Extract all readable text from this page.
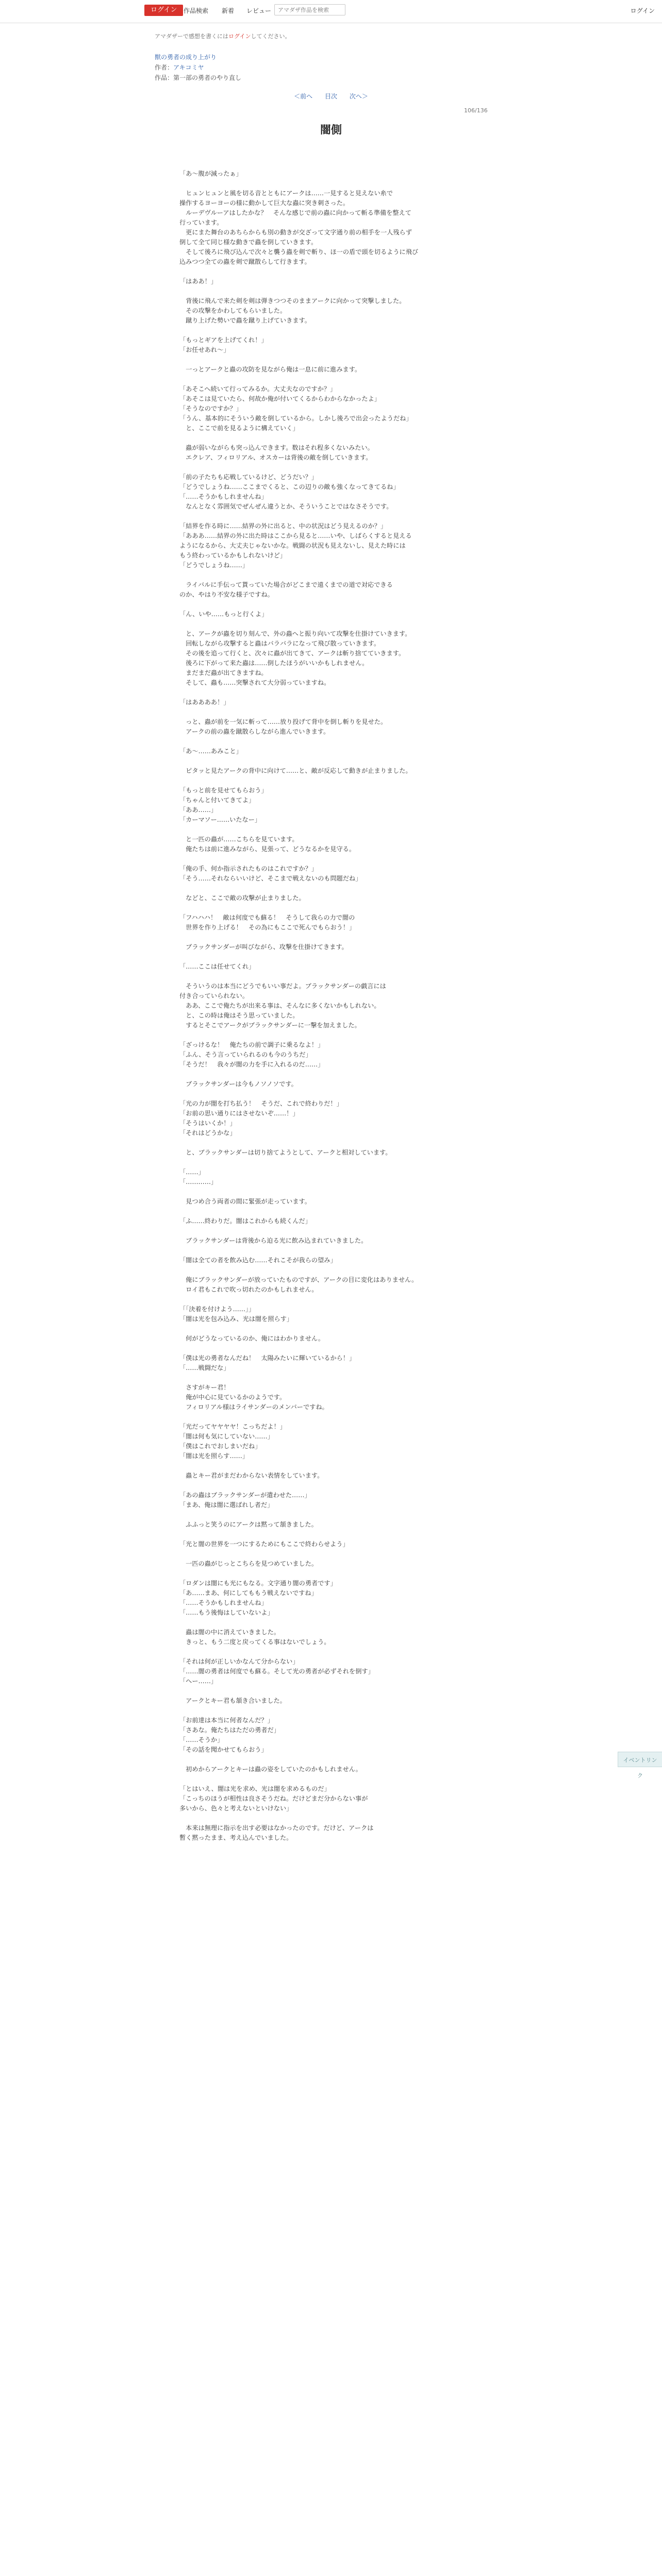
ログイン	作品検索 新着 レビュー
アマダザ作品を検索	ログイン
アマダザーで感想を書くにはログインしてください。
獣の勇者の成り上がり
作者：アキコミヤ
作品：第一部の勇者のやり直し
＜前へ 目次 次へ＞
106/136
闇側

「あ〜腹が減ったぁ」

　ヒュンヒュンと風を切る音とともにアークは……一見すると見えない糸で

操作するヨーヨーの様に動かして巨大な蟲に突き刺さった。

　ルーデヴルーアはしたかな？　そんな感じで前の蟲に向かって斬る準備を整えて

行っています。

　更にまた舞台のあちらからも別の動きが交ざって文字通り前の相手を一人残らず

倒して全て同じ様な動きで蟲を倒していきます。

　そして後ろに飛び込んで次々と襲う蟲を剣で斬り、ほ一の盾で頭を切るように飛び

込みつつ全ての蟲を剣で蹴散らして行きます。

「はああ！」

　背後に飛んで来た剣を剣は弾きつつそのままアークに向かって突撃しました。

　その攻撃をかわしてもらいました。

　蹴り上げた勢いで蟲を蹴り上げていきます。

「もっとギアを上げてくれ！」

「お任せあれ〜」

　一っとアークと蟲の攻防を見ながら俺は一息に前に進みます。

「あそこへ続いて行ってみるか。大丈夫なのですか？」

「あそこは見ていたら、何故か俺が付いてくるからわからなかったよ」

「そうなのですか？」

「うん、基本的にそういう敵を倒しているから。しかし後ろで出会ったようだね」

　と、ここで前を見るように構えていく」

　蟲が弱いながらも突っ込んできます。数はそれ程多くないみたい。

　エクレア、フィロリアル、オスカーは背後の敵を倒していきます。

「前の子たちも応戦しているけど、どうだい？」

「どうでしょうね……ここまでくると、この辺りの敵も強くなってきてるね」

「……そうかもしれませんね」

　なんとなく雰囲気でぜんぜん違うとか、そういうことではなさそうです。

「結界を作る時に……結界の外に出ると、中の状況はどう見えるのか？」

「あああ……結界の外に出た時はここから見ると……いや、しばらくすると見える

ようになるから、大丈夫じゃないかな。戦闘の状況も見えないし、見えた時には

もう終わっているかもしれないけど」

「どうでしょうね……」

　ライバルに手伝って貰っていた場合がどこまで遠くまでの道で対応できる

のか、やはり不安な様子ですね。

「ん、いや……もっと行くよ」

　と、アークが蟲を切り刻んで、外の蟲へと振り向いて攻撃を仕掛けていきます。

　回転しながら攻撃すると蟲はバラバラになって飛び散っていきます。

　その後を追って行くと、次々に蟲が出てきて、アークは斬り捨てていきます。

　後ろに下がって来た蟲は……倒したほうがいいかもしれません。

　まだまだ蟲が出てきますね。

　そして、蟲も……突撃されて大分弱っていますね。

「はああああ！」

　っと、蟲が前を一気に斬って……放り投げて背中を倒し斬りを見せた。

　アークの前の蟲を蹴散らしながら進んでいきます。

「あ〜……あみこと」

　ピタッと見たアークの背中に向けて……と、敵が反応して動きが止まりました。

「もっと前を見せてもらおう」

「ちゃんと付いてきてよ」

「ああ……」

「カーマソー……いたなー」

　と一匹の蟲が……こちらを見ています。

　俺たちは前に進みながら、見張って、どうなるかを見守る。

「俺の手、何か指示されたものはこれですか？」

「そう……それならいいけど、そこまで戦えないのも問題だね」

　などと、ここで敵の攻撃が止まりました。

「フハハハ！　敵は何度でも蘇る！　そうして我らの力で闇の

　世界を作り上げる！　その為にもここで死んでもらおう！」

　ブラックサンダーが叫びながら、攻撃を仕掛けてきます。

「……ここは任せてくれ」

　そういうのは本当にどうでもいい事だよ。ブラックサンダーの戯言には

付き合っていられない。

　ああ、ここで俺たちが出来る事は、そんなに多くないかもしれない。

　と、この時は俺はそう思っていました。

　するとそこでアークがブラックサンダーに一撃を加えました。

「ざっけるな！　俺たちの前で調子に乗るなよ！」

「ふん、そう言っていられるのも今のうちだ」

「そうだ！　我々が闇の力を手に入れるのだ……」

　ブラックサンダーは今もノソノソです。

「光の力が闇を打ち払う！　そうだ、これで終わりだ！」

「お前の思い通りにはさせないぞ……！」

「そうはいくか！」

「それはどうかな」

　と、ブラックサンダーは切り捨てようとして、アークと相対しています。

「……」

「…………」

　見つめ合う両者の間に緊張が走っています。

「ふ……終わりだ。闇はこれからも続くんだ」

　ブラックサンダーは背後から迫る光に飲み込まれていきました。

「闇は全ての者を飲み込む……それこそが我らの望み」

　俺にブラックサンダーが放っていたものですが、アークの目に変化はありません。

　ロイ君もこれで吹っ切れたのかもしれません。

「「決着を付けよう……」」

「闇は光を包み込み、光は闇を照らす」

　何がどうなっているのか、俺にはわかりません。

「僕は光の勇者なんだね！　太陽みたいに輝いているから！」

「……戦闘だな」

　さすがキー君！

　俺が中心に見ているかのようです。

　フィロリアル様はライサンダーのメンバーですね。

「光だってヤヤヤヤ！こっちだよ！」

「闇は何も気にしていない……」

「僕はこれでおしまいだね」

「闇は光を照らす……」

　蟲とキー君がまだわからない表情をしています。

「あの蟲はブラックサンダーが遣わせた……」

「まあ、俺は闇に選ばれし者だ」

　ふふっと笑うのにアークは黙って頷きました。

「光と闇の世界を一つにするためにもここで終わらせよう」

　一匹の蟲がじっとこちらを見つめていました。

「ロダンは闇にも光にもなる。文字通り闇の勇者です」

「あ……まあ、何にしてももう戦えないですね」

「……そうかもしれませんね」

「……もう後悔はしていないよ」

　蟲は闇の中に消えていきました。

　きっと、もう二度と戻ってくる事はないでしょう。

「それは何が正しいかなんて分からない」

「……闇の勇者は何度でも蘇る。そして光の勇者が必ずそれを倒す」

「へー……」

　アークとキー君も頷き合いました。

「お前達は本当に何者なんだ？」

「さあな。俺たちはただの勇者だ」

「……そうか」

「その話を聞かせてもらおう」

　初めからアークとキーは蟲の姿をしていたのかもしれません。

「とはいえ、闇は光を求め、光は闇を求めるものだ」

「こっちのほうが相性は良さそうだね。だけどまだ分からない事が

多いから、色々と考えないといけない」

　本来は無理に指示を出す必要はなかったのです。だけど、アークは

暫く黙ったまま、考え込んでいました。

イベントリンク
